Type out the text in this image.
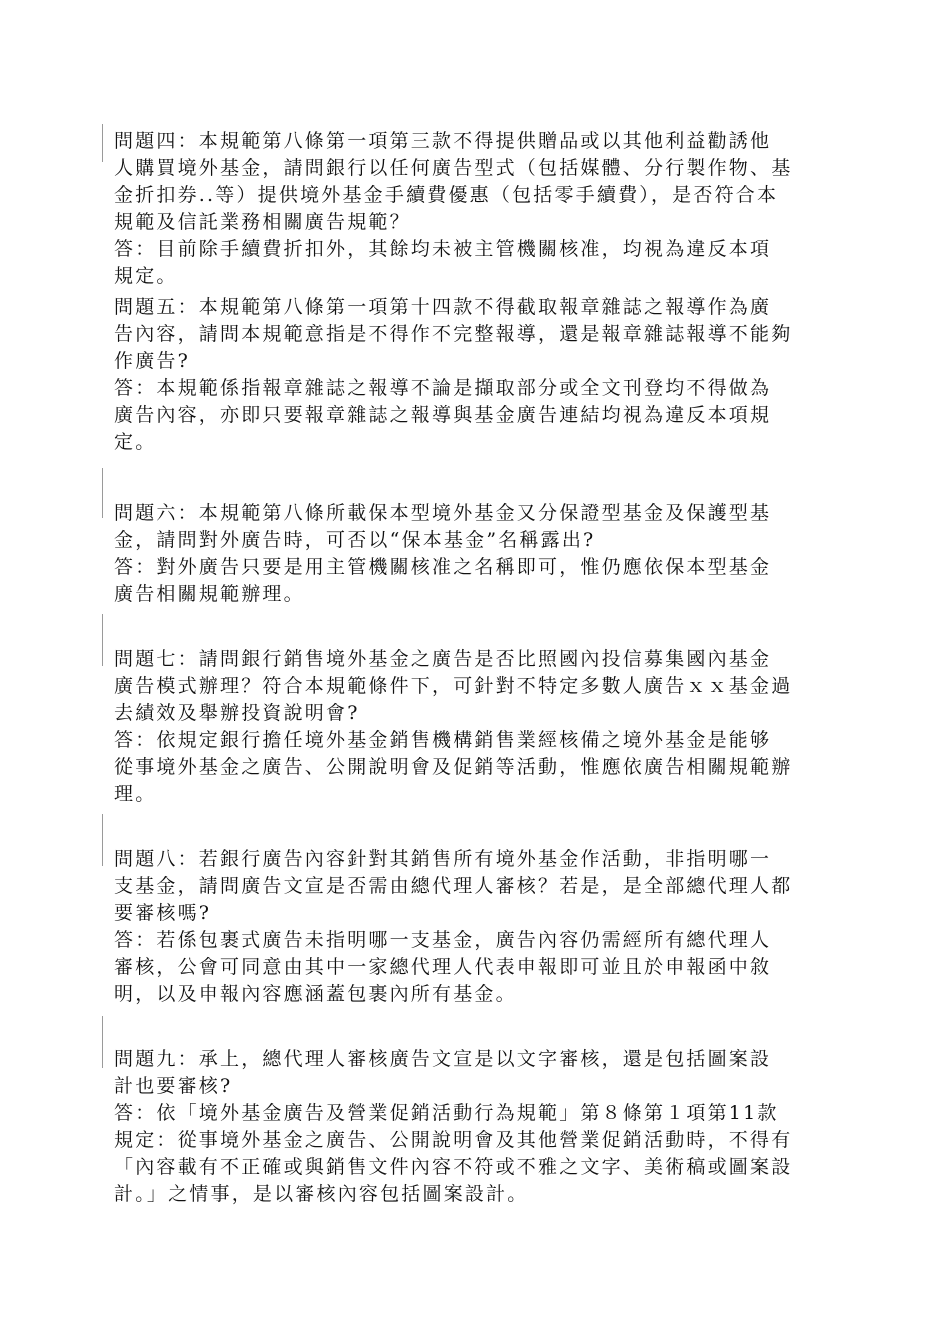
問題四：本規範第八條第一項第三款不得提供贈品或以其他利益勸誘他
人購買境外基金，請問銀行以任何廣告型式（包括媒體、分行製作物、基
金折扣券..等）提供境外基金手續費優惠（包括零手續費），是否符合本
規範及信託業務相關廣告規範？
答：目前除手續費折扣外，其餘均未被主管機關核准，均視為違反本項
規定。
問題五：本規範第八條第一項第十四款不得截取報章雜誌之報導作為廣
告內容，請問本規範意指是不得作不完整報導，還是報章雜誌報導不能夠
作廣告?
答：本規範係指報章雜誌之報導不論是擷取部分或全文刊登均不得做為
廣告內容，亦即只要報章雜誌之報導與基金廣告連結均視為違反本項規
定。
問題六：本規範第八條所載保本型境外基金又分保證型基金及保護型基
金，請問對外廣告時，可否以“保本基金”名稱露出?
答：對外廣告只要是用主管機關核准之名稱即可，惟仍應依保本型基金
廣告相關規範辦理。
問題七：請問銀行銷售境外基金之廣告是否比照國內投信募集國內基金
廣告模式辦理？符合本規範條件下，可針對不特定多數人廣告ｘｘ基金過
去績效及舉辦投資說明會?
答：依規定銀行擔任境外基金銷售機構銷售業經核備之境外基金是能够
從事境外基金之廣告、公開說明會及促銷等活動，惟應依廣告相關規範辦
理。
問題八：若銀行廣告內容針對其銷售所有境外基金作活動，非指明哪一
支基金，請問廣告文宣是否需由總代理人審核？若是，是全部總代理人都
要審核嗎?
答：若係包裹式廣告未指明哪一支基金，廣告內容仍需經所有總代理人
審核，公會可同意由其中一家總代理人代表申報即可並且於申報函中敘
明，以及申報內容應涵蓋包裹內所有基金。
問題九：承上，總代理人審核廣告文宣是以文字審核，還是包括圖案設
計也要審核?
答：依「境外基金廣告及營業促銷活動行為規範」第８條第１項第11款
規定：從事境外基金之廣告、公開說明會及其他營業促銷活動時，不得有
「內容載有不正確或與銷售文件內容不符或不雅之文字、美術稿或圖案設
計。」之情事，是以審核內容包括圖案設計。
